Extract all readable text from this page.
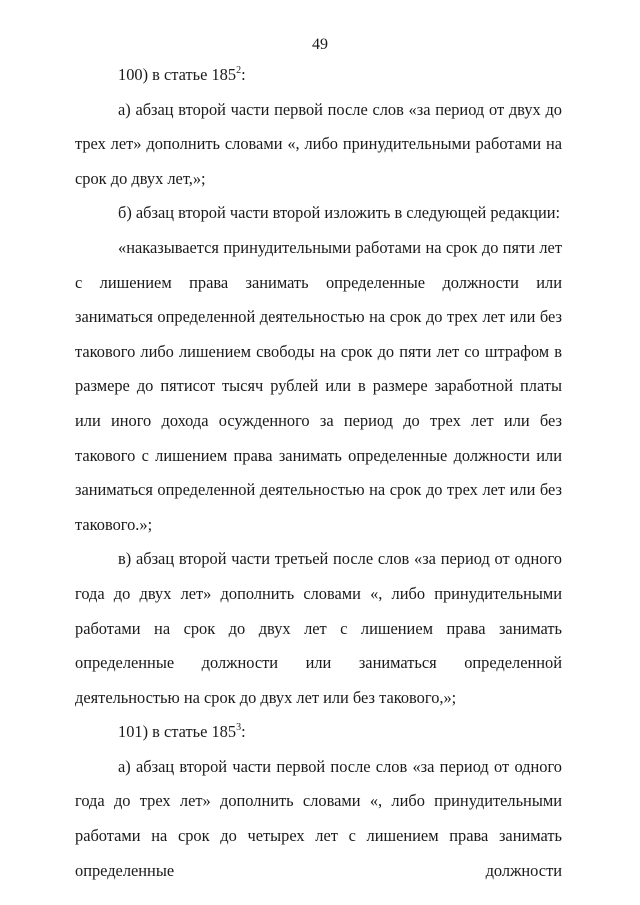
49

100) в статье $185^2$:

а) абзац второй части первой после слов «за период от двух до трех лет» дополнить словами «, либо принудительными работами на срок до двух лет,»;

б) абзац второй части второй изложить в следующей редакции:

«наказывается принудительными работами на срок до пяти лет с лишением права занимать определенные должности или заниматься определенной деятельностью на срок до трех лет или без такового либо лишением свободы на срок до пяти лет со штрафом в размере до пятисот тысяч рублей или в размере заработной платы или иного дохода осужденного за период до трех лет или без такового с лишением права занимать определенные должности или заниматься определенной деятельностью на срок до трех лет или без такового.»;

в) абзац второй части третьей после слов «за период от одного года до двух лет» дополнить словами «, либо принудительными работами на срок до двух лет с лишением права занимать определенные должности или заниматься определенной деятельностью на срок до двух лет или без такового,»;

101) в статье $185^3$:

а) абзац второй части первой после слов «за период от одного года до трех лет» дополнить словами «, либо принудительными работами на срок до четырех лет с лишением права занимать определенные должности
